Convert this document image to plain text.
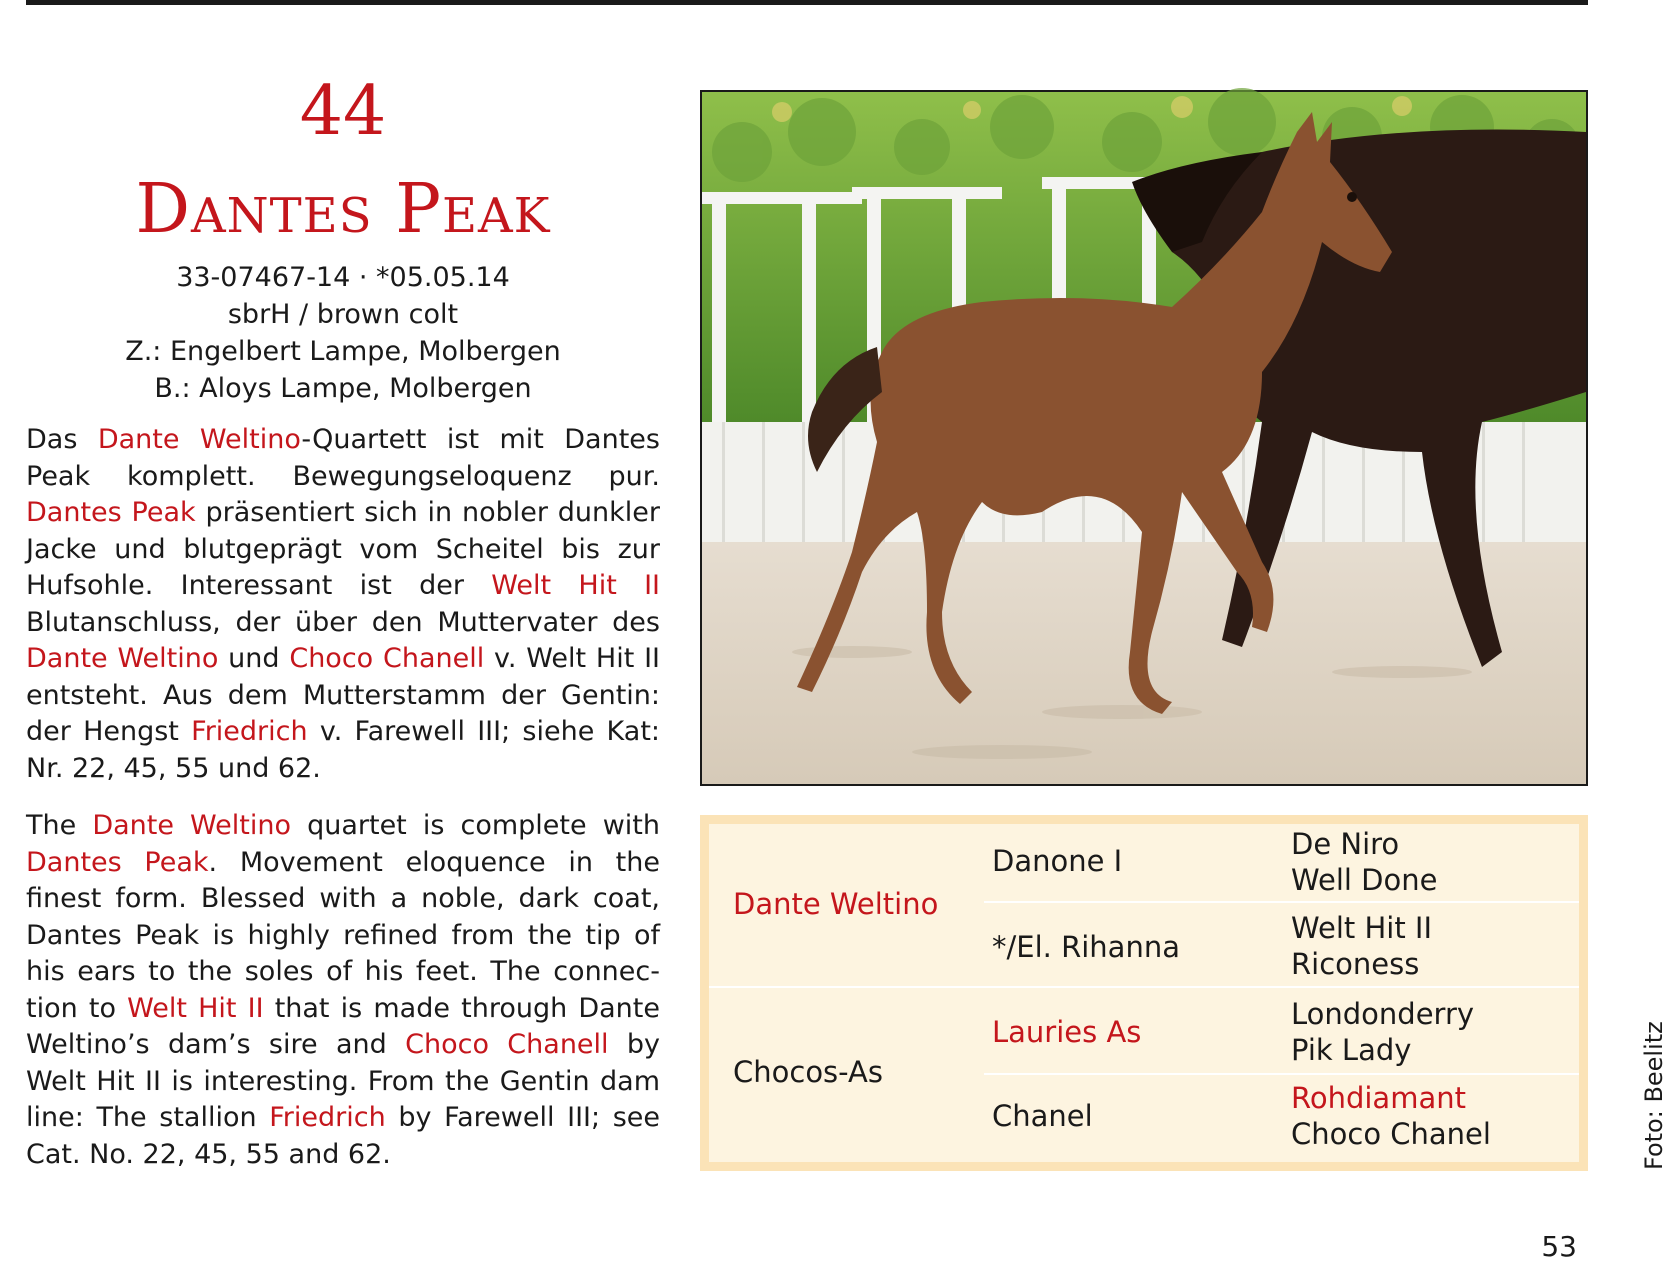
44
Dantes Peak
33-07467-14 · *05.05.14
sbrH / brown colt
Z.: Engelbert Lampe, Molbergen
B.: Aloys Lampe, Molbergen
Das Dante Weltino-Quartett ist mit Dantes Peak komplett. Bewegungseloquenz pur. Dantes Peak präsentiert sich in nobler dunkler Jacke und blutgeprägt vom Scheitel bis zur Hufsohle. Interessant ist der Welt Hit II Blutanschluss, der über den Muttervater des Dante Weltino und Choco Chanell v. Welt Hit II entsteht. Aus dem Mutterstamm der Gentin: der Hengst Friedrich v. Farewell III; siehe Kat: Nr. 22, 45, 55 und 62.
The Dante Weltino quartet is complete with Dantes Peak. Movement eloquence in the finest form. Blessed with a noble, dark coat, Dantes Peak is highly refined from the tip of his ears to the soles of his feet. The connection to Welt Hit II that is made through Dante Weltino’s dam’s sire and Choco Chanell by Welt Hit II is interesting. From the Gentin dam line: The stallion Friedrich by Farewell III; see Cat. No. 22, 45, 55 and 62.
Dante Weltino
Chocos-As
Danone I
*/El. Rihanna
Lauries As
Chanel
De Niro
Well Done
Welt Hit II
Riconess
Londonderry
Pik Lady
Rohdiamant
Choco Chanel
53
Foto: Beelitz
